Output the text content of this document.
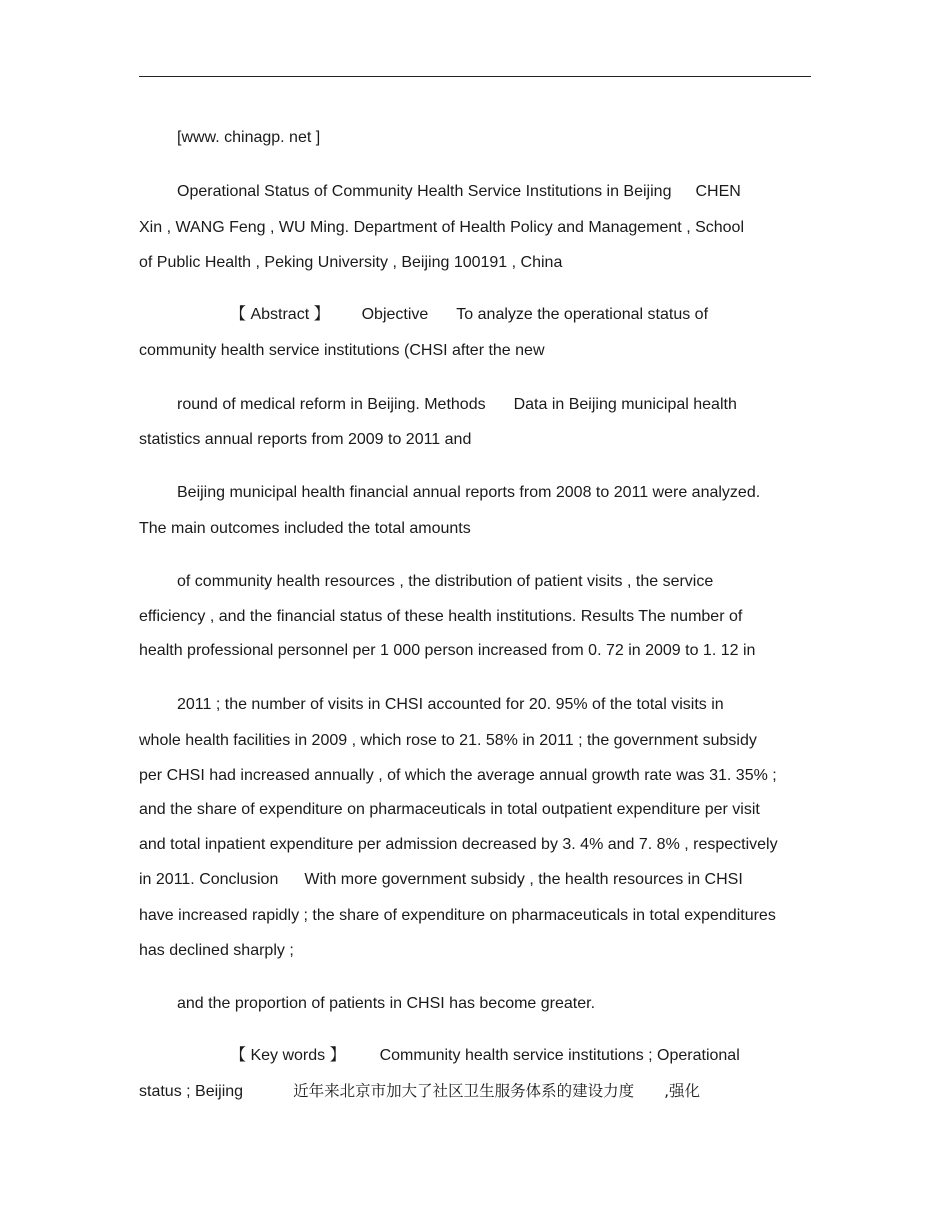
[www. chinagp. net ]
Operational Status of Community Health Service Institutions in Beijing CHEN
Xin , WANG Feng , WU Ming. Department of Health Policy and Management , School
of Public Health , Peking University , Beijing 100191 , China
【 Abstract 】 Objective To analyze the operational status of
community health service institutions (CHSI after the new
round of medical reform in Beijing. Methods Data in Beijing municipal health
statistics annual reports from 2009 to 2011 and
Beijing municipal health financial annual reports from 2008 to 2011 were analyzed.
The main outcomes included the total amounts
of community health resources , the distribution of patient visits , the service
efficiency , and the financial status of these health institutions. Results The number of
health professional personnel per 1 000 person increased from 0. 72 in 2009 to 1. 12 in
2011 ; the number of visits in CHSI accounted for 20. 95% of the total visits in
whole health facilities in 2009 , which rose to 21. 58% in 2011 ; the government subsidy
per CHSI had increased annually , of which the average annual growth rate was 31. 35% ;
and the share of expenditure on pharmaceuticals in total outpatient expenditure per visit
and total inpatient expenditure per admission decreased by 3. 4% and 7. 8% , respectively
in 2011. Conclusion With more government subsidy , the health resources in CHSI
have increased rapidly ; the share of expenditure on pharmaceuticals in total expenditures
has declined sharply ;
and the proportion of patients in CHSI has become greater.
【 Key words 】 Community health service institutions ; Operational
status ; Beijing	近年来北京市加大了社区卫生服务体系的建设力度 ,强化
